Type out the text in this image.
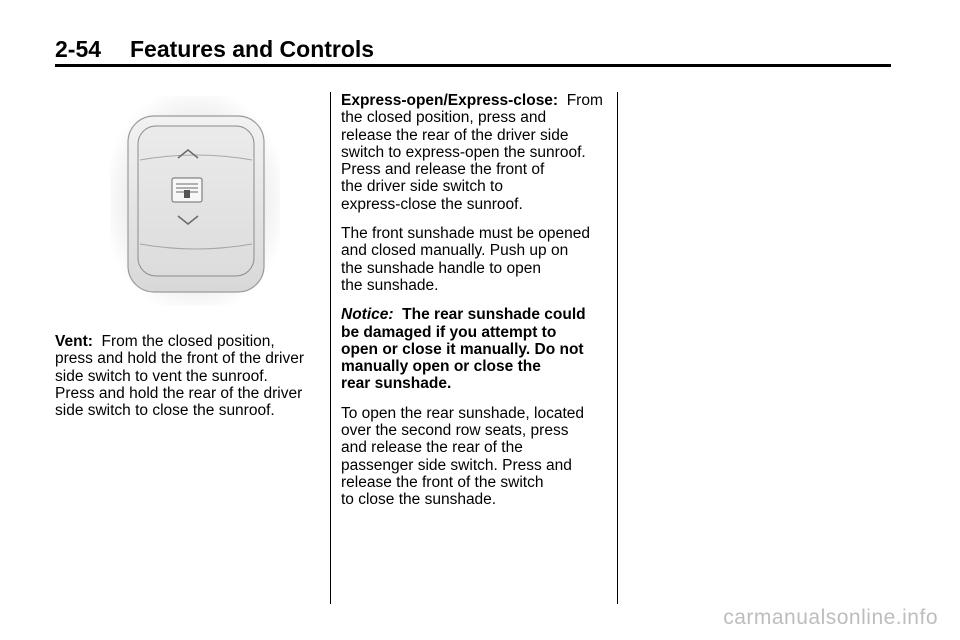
2-54 Features and Controls

Vent: From the closed position,
press and hold the front of the driver
side switch to vent the sunroof.
Press and hold the rear of the driver
side switch to close the sunroof.

Express-open/Express-close: From
the closed position, press and
release the rear of the driver side
switch to express-open the sunroof.
Press and release the front of
the driver side switch to
express-close the sunroof.

The front sunshade must be opened
and closed manually. Push up on
the sunshade handle to open
the sunshade.

Notice: The rear sunshade could
be damaged if you attempt to
open or close it manually. Do not
manually open or close the
rear sunshade.

To open the rear sunshade, located
over the second row seats, press
and release the rear of the
passenger side switch. Press and
release the front of the switch
to close the sunshade.

carmanualsonline.info
